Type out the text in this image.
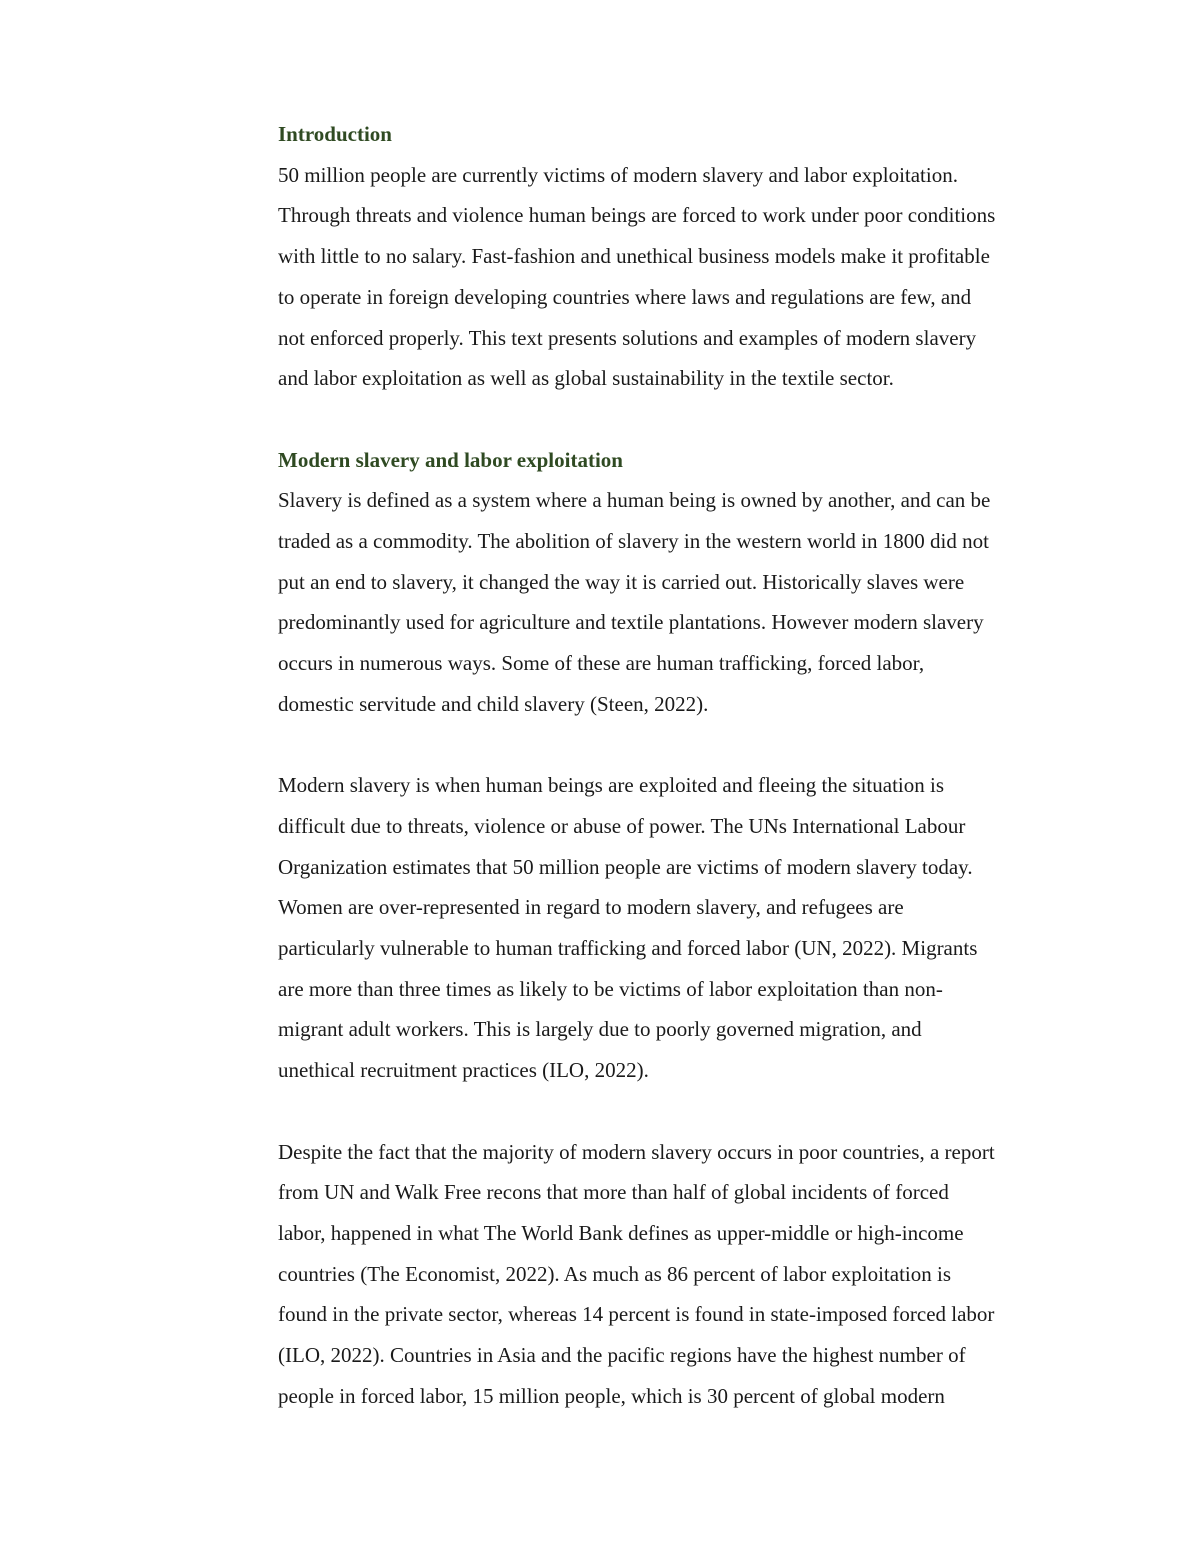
Introduction

50 million people are currently victims of modern slavery and labor exploitation.
Through threats and violence human beings are forced to work under poor conditions
with little to no salary. Fast-fashion and unethical business models make it profitable
to operate in foreign developing countries where laws and regulations are few, and
not enforced properly. This text presents solutions and examples of modern slavery
and labor exploitation as well as global sustainability in the textile sector.

Modern slavery and labor exploitation

Slavery is defined as a system where a human being is owned by another, and can be
traded as a commodity. The abolition of slavery in the western world in 1800 did not
put an end to slavery, it changed the way it is carried out. Historically slaves were
predominantly used for agriculture and textile plantations. However modern slavery
occurs in numerous ways. Some of these are human trafficking, forced labor,
domestic servitude and child slavery (Steen, 2022).

Modern slavery is when human beings are exploited and fleeing the situation is
difficult due to threats, violence or abuse of power. The UNs International Labour
Organization estimates that 50 million people are victims of modern slavery today.
Women are over-represented in regard to modern slavery, and refugees are
particularly vulnerable to human trafficking and forced labor (UN, 2022). Migrants
are more than three times as likely to be victims of labor exploitation than non-
migrant adult workers. This is largely due to poorly governed migration, and
unethical recruitment practices (ILO, 2022).

Despite the fact that the majority of modern slavery occurs in poor countries, a report
from UN and Walk Free recons that more than half of global incidents of forced
labor, happened in what The World Bank defines as upper-middle or high-income
countries (The Economist, 2022). As much as 86 percent of labor exploitation is
found in the private sector, whereas 14 percent is found in state-imposed forced labor
(ILO, 2022). Countries in Asia and the pacific regions have the highest number of
people in forced labor, 15 million people, which is 30 percent of global modern
